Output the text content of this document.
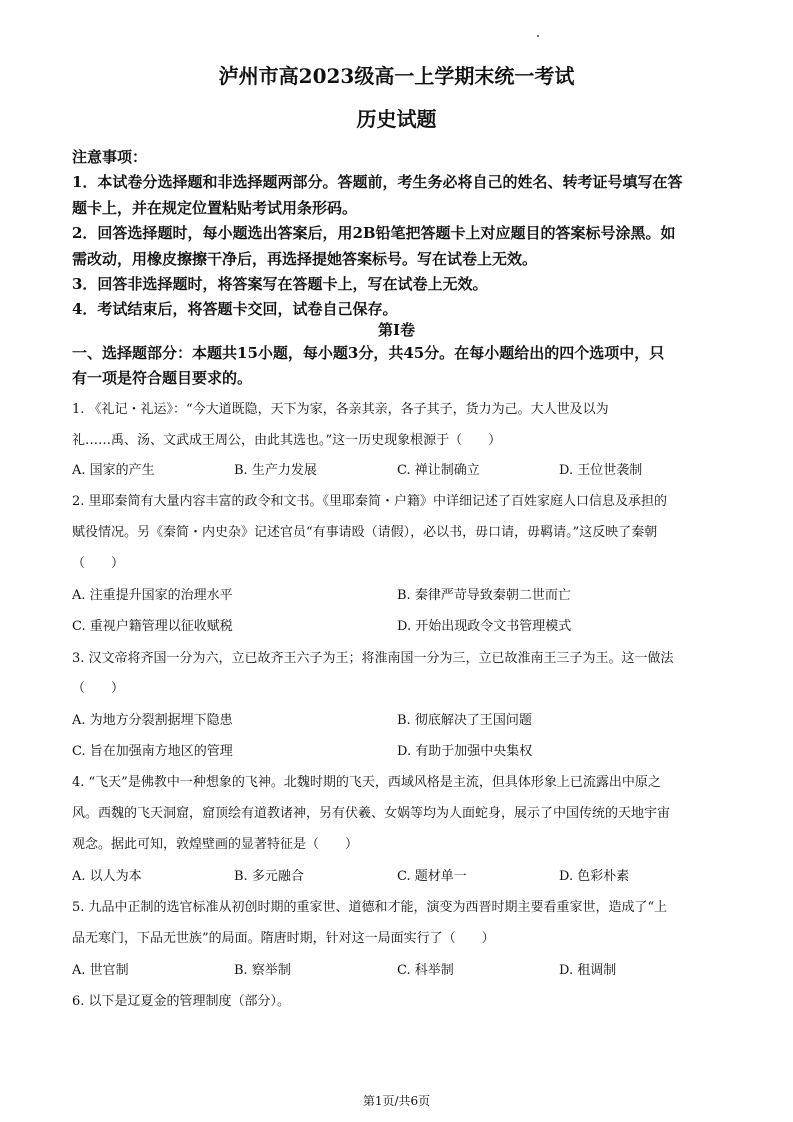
泸州市高2023级高一上学期末统一考试
历史试题
注意事项：
1．本试卷分选择题和非选择题两部分。答题前，考生务必将自己的姓名、转考证号填写在答
题卡上，并在规定位置粘贴考试用条形码。
2．回答选择题时，每小题选出答案后，用2B铅笔把答题卡上对应题目的答案标号涂黑。如
需改动，用橡皮擦擦干净后，再选择提她答案标号。写在试卷上无效。
3．回答非选择题时，将答案写在答题卡上，写在试卷上无效。
4．考试结束后，将答题卡交回，试卷自己保存。
第Ⅰ卷
一、选择题部分：本题共15小题，每小题3分，共45分。在每小题给出的四个选项中，只
有一项是符合题目要求的。
1. 《礼记・礼运》：“今大道既隐，天下为家，各亲其亲，各子其子，货力为己。大人世及以为
礼……禹、汤、文武成王周公，由此其选也。”这一历史现象根源于（　　）
A. 国家的产生	B. 生产力发展	C. 禅让制确立	D. 王位世袭制
2. 里耶秦简有大量内容丰富的政令和文书。《里耶秦简・户籍》中详细记述了百姓家庭人口信息及承担的
赋役情况。另《秦简・内史杂》记述官员“有事请殴（请假），必以书，毋口请，毋羁请。”这反映了秦朝
（　　）
A. 注重提升国家的治理水平	B. 秦律严苛导致秦朝二世而亡
C. 重视户籍管理以征收赋税	D. 开始出现政令文书管理模式
3. 汉文帝将齐国一分为六，立已故齐王六子为王；将淮南国一分为三，立已故淮南王三子为王。这一做法
（　　）
A. 为地方分裂割据埋下隐患	B. 彻底解决了王国问题
C. 旨在加强南方地区的管理	D. 有助于加强中央集权
4. “飞天”是佛教中一种想象的飞神。北魏时期的飞天，西域风格是主流，但具体形象上已流露出中原之
风。西魏的飞天洞窟，窟顶绘有道教诸神，另有伏羲、女娲等均为人面蛇身，展示了中国传统的天地宇宙
观念。据此可知，敦煌壁画的显著特征是（　　）
A. 以人为本	B. 多元融合	C. 题材单一	D. 色彩朴素
5. 九品中正制的选官标准从初创时期的重家世、道德和才能，演变为西晋时期主要看重家世，造成了“上
品无寒门，下品无世族”的局面。隋唐时期，针对这一局面实行了（　　）
A. 世官制	B. 察举制	C. 科举制	D. 租调制
6. 以下是辽夏金的管理制度（部分）。
第1页/共6页
